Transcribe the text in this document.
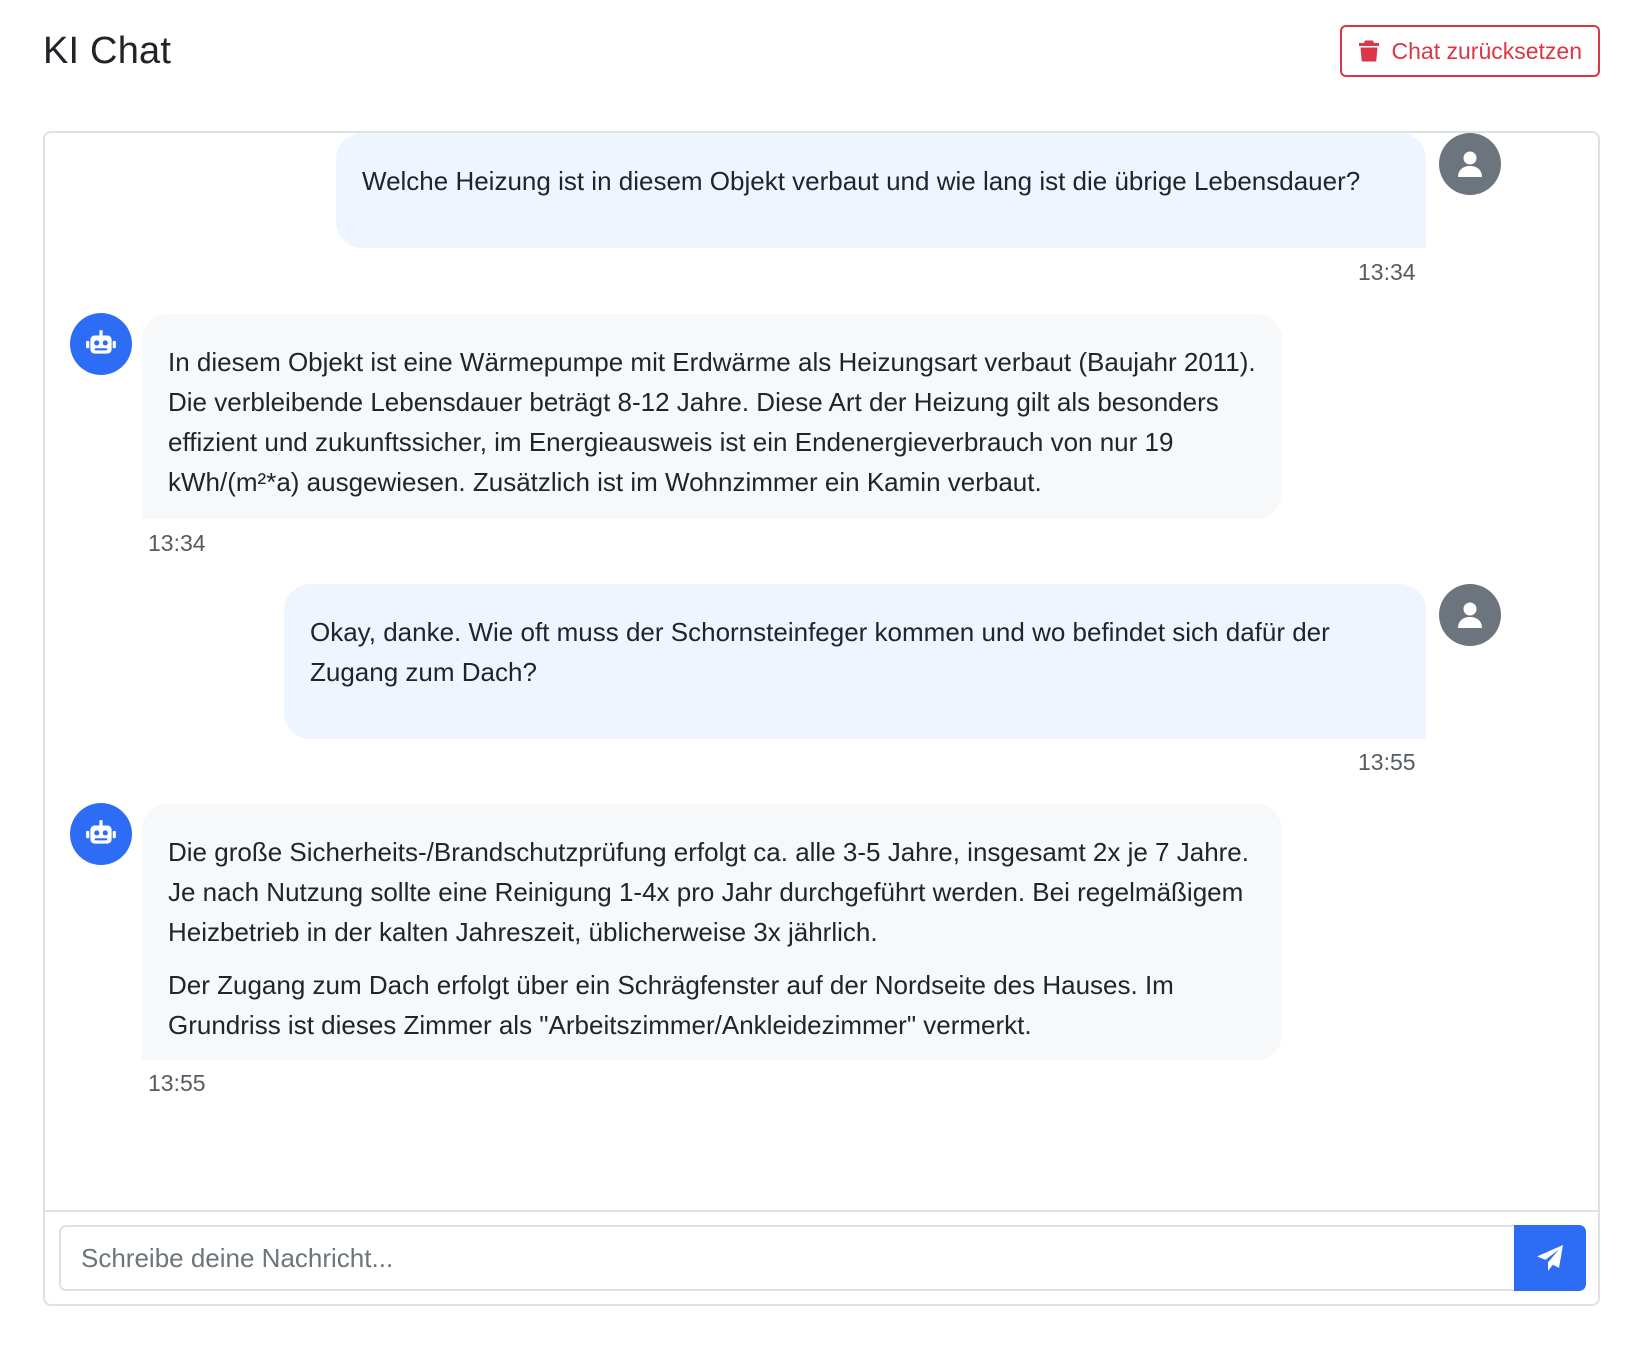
KI Chat	Chat zurücksetzen

Welche Heizung ist in diesem Objekt verbaut und wie lang ist die übrige Lebensdauer?

13:34

In diesem Objekt ist eine Wärmepumpe mit Erdwärme als Heizungsart verbaut (Baujahr 2011). Die verbleibende Lebensdauer beträgt 8-12 Jahre. Diese Art der Heizung gilt als besonders effizient und zukunftssicher, im Energieausweis ist ein Endenergieverbrauch von nur 19 kWh/(m²*a) ausgewiesen. Zusätzlich ist im Wohnzimmer ein Kamin verbaut.

13:34

Okay, danke. Wie oft muss der Schornsteinfeger kommen und wo befindet sich dafür der Zugang zum Dach?

13:55

Die große Sicherheits-/Brandschutzprüfung erfolgt ca. alle 3-5 Jahre, insgesamt 2x je 7 Jahre. Je nach Nutzung sollte eine Reinigung 1-4x pro Jahr durchgeführt werden. Bei regelmäßigem Heizbetrieb in der kalten Jahreszeit, üblicherweise 3x jährlich.

Der Zugang zum Dach erfolgt über ein Schrägfenster auf der Nordseite des Hauses. Im Grundriss ist dieses Zimmer als "Arbeitszimmer/Ankleidezimmer" vermerkt.

13:55
Schreibe deine Nachricht...
